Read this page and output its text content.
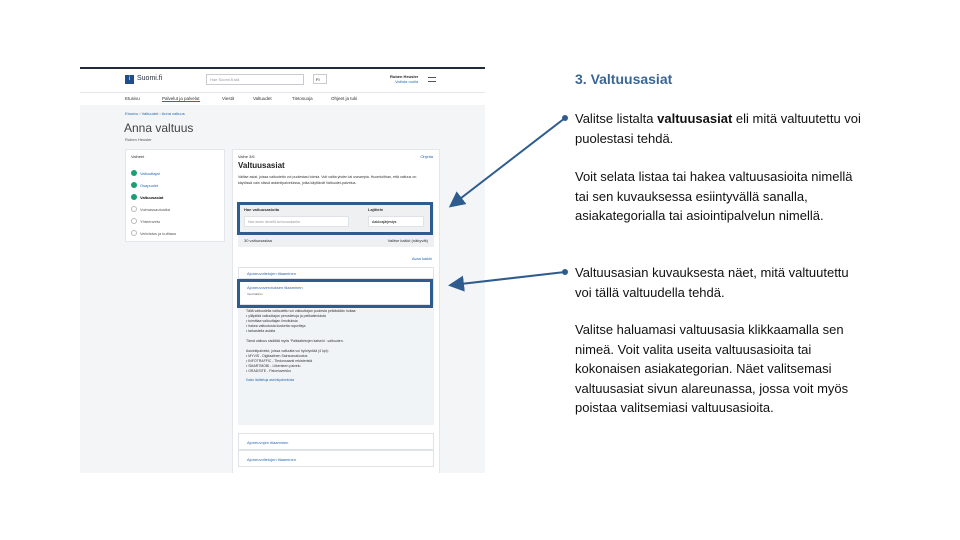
i Suomi.fi	Hae Suomi.fi:stä	FI
Ruben Heusler
Vaihda roolia
Etusivu	Palvelut ja palvelut	Viestit	Valtuudet	Tietosuoja	Ohjeet ja tuki
Etusivu › Valtuudet › Anna valtuus
Anna valtuus
Ruben Heusler
Vaiheet
Valtuuttajat
Osapuolet
Valtuusasiat
Voimassaoloaika
Yhteenveto
Vahvistus ja kuittaus
Vaihe 3/6	Ohjeita
Valtuusasiat
Valitse asiat, joissa valtuutettu voi puolestasi toimia. Voit valita yhden tai useampia. Huomioithan, että valtuus on käytössä vain niissä asiointipalveluissa, jotka käyttävät Valtuudet-palvelua.
Hae valtuusasioita
Hae asian nimellä tai kuvauksella
Lajittele
Aakkosjärjestys
30 valtuusasiaa	Valitse kaikki (näkyvät)
Avaa kaikki
Ajoneuvotietojen tilaaminen
Ajoneuvoverotuksen tilaaminen
Verohallinto
Tällä valtuudella valtuutettu voi valtuuttajan puolesta pelkästään hoitaa:
• ylläpitää valtuuttajan perustietoja ja pelikatiedoista
• toimittaa valtuuttajan ilmoituksia
• hakea valtuutusta kosketta raportteja
• tarkastella asioita
Tämä valtuus sisältää myös 'Palkkatietojen katselu' -valtuuden.
Asiointipalvelut, joissa valtuutta voi hyödyntää (4 kpl):
• MYVIS - Digitaalinen Sairausvakuutus
• INFOTRAFFIC - Tiedonsaanti rekisteristä
• SMARTMOBI - Liikenteen palvelu
• GRADSITE - Palveluverkko
Katso lisätietoja asiointipalveluista
Ajoneuvojen tilaaminen
Ajoneuvotietojen tilaaminen
3. Valtuusasiat
Valitse listalta valtuusasiat eli mitä valtuutettu voi puolestasi tehdä.
Voit selata listaa tai hakea valtuusasioita nimellä tai sen kuvauksessa esiintyvällä sanalla, asiakategorialla tai asiointipalvelun nimellä.
Valtuusasian kuvauksesta näet, mitä valtuutettu voi tällä valtuudella tehdä.
Valitse haluamasi valtuusasia klikkaamalla sen nimeä. Voit valita useita valtuusasioita tai kokonaisen asiakategorian. Näet valitsemasi valtuusasiat sivun alareunassa, jossa voit myös poistaa valitsemiasi valtuusasioita.
